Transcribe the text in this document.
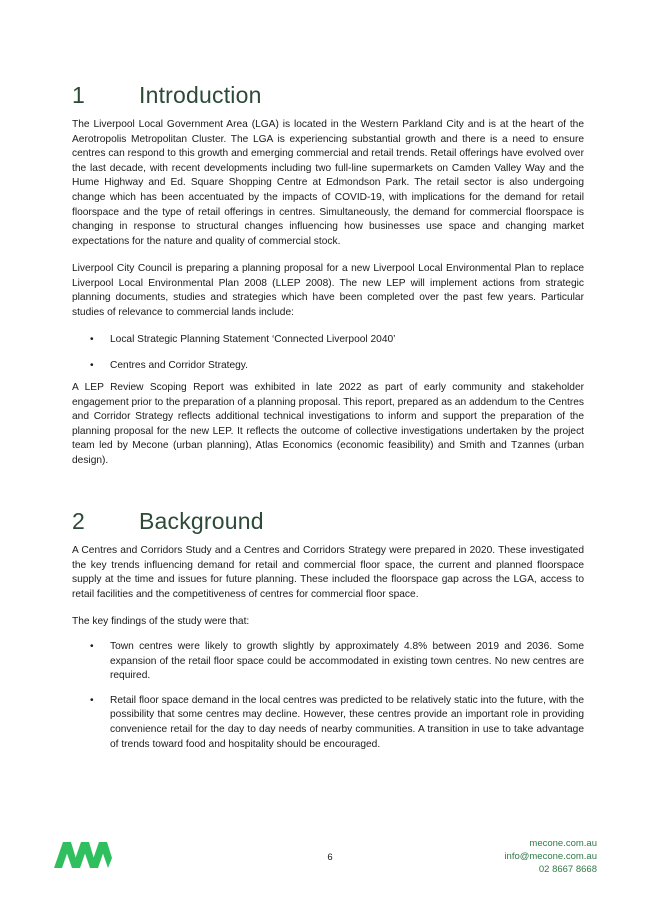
1 Introduction

The Liverpool Local Government Area (LGA) is located in the Western Parkland City and is at the heart of the Aerotropolis Metropolitan Cluster. The LGA is experiencing substantial growth and there is a need to ensure centres can respond to this growth and emerging commercial and retail trends. Retail offerings have evolved over the last decade, with recent developments including two full-line supermarkets on Camden Valley Way and the Hume Highway and Ed. Square Shopping Centre at Edmondson Park. The retail sector is also undergoing change which has been accentuated by the impacts of COVID-19, with implications for the demand for retail floorspace and the type of retail offerings in centres. Simultaneously, the demand for commercial floorspace is changing in response to structural changes influencing how businesses use space and changing market expectations for the nature and quality of commercial stock.

Liverpool City Council is preparing a planning proposal for a new Liverpool Local Environmental Plan to replace Liverpool Local Environmental Plan 2008 (LLEP 2008). The new LEP will implement actions from strategic planning documents, studies and strategies which have been completed over the past few years. Particular studies of relevance to commercial lands include:

• Local Strategic Planning Statement ‘Connected Liverpool 2040’
• Centres and Corridor Strategy.

A LEP Review Scoping Report was exhibited in late 2022 as part of early community and stakeholder engagement prior to the preparation of a planning proposal. This report, prepared as an addendum to the Centres and Corridor Strategy reflects additional technical investigations to inform and support the preparation of the planning proposal for the new LEP. It reflects the outcome of collective investigations undertaken by the project team led by Mecone (urban planning), Atlas Economics (economic feasibility) and Smith and Tzannes (urban design).

2 Background

A Centres and Corridors Study and a Centres and Corridors Strategy were prepared in 2020. These investigated the key trends influencing demand for retail and commercial floor space, the current and planned floorspace supply at the time and issues for future planning. These included the floorspace gap across the LGA, access to retail facilities and the competitiveness of centres for commercial floor space.

The key findings of the study were that:

• Town centres were likely to growth slightly by approximately 4.8% between 2019 and 2036. Some expansion of the retail floor space could be accommodated in existing town centres. No new centres are required.
• Retail floor space demand in the local centres was predicted to be relatively static into the future, with the possibility that some centres may decline. However, these centres provide an important role in providing convenience retail for the day to day needs of nearby communities. A transition in use to take advantage of trends toward food and hospitality should be encouraged.
6
mecone.com.au
info@mecone.com.au
02 8667 8668
